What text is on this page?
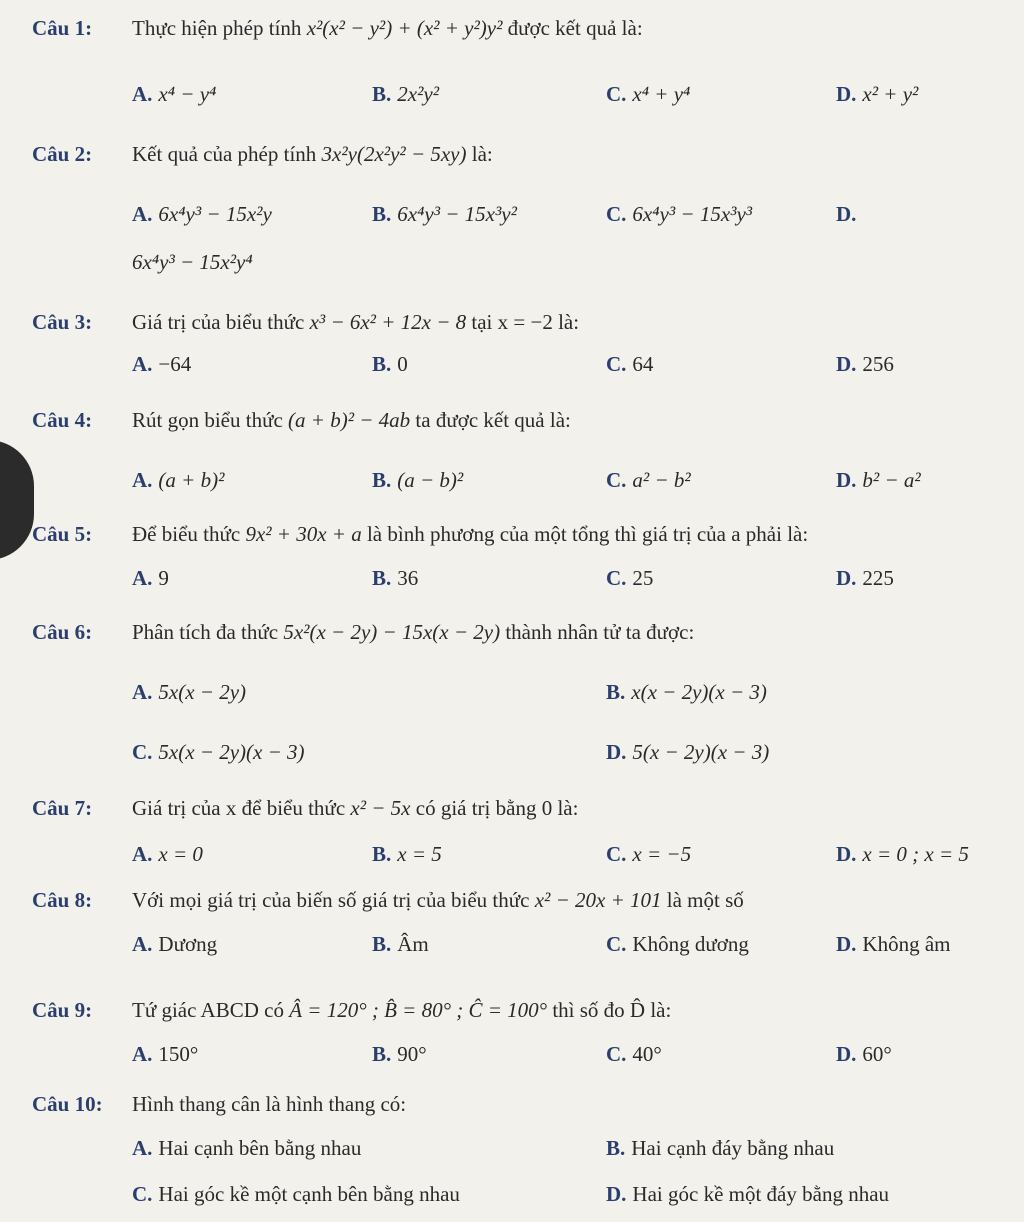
Câu 1:	Thực hiện phép tính x²(x² − y²) + (x² + y²)y² được kết quả là:
A. x⁴ − y⁴	B. 2x²y²	C. x⁴ + y⁴	D. x² + y²
Câu 2:	Kết quả của phép tính 3x²y(2x²y² − 5xy) là:
A. 6x⁴y³ − 15x²y	B. 6x⁴y³ − 15x³y²	C. 6x⁴y³ − 15x³y³	D.
6x⁴y³ − 15x²y⁴
Câu 3:	Giá trị của biểu thức x³ − 6x² + 12x − 8 tại x = −2 là:
A. −64	B. 0	C. 64	D. 256
Câu 4:	Rút gọn biểu thức (a + b)² − 4ab ta được kết quả là:
A. (a + b)²	B. (a − b)²	C. a² − b²	D. b² − a²
Câu 5:	Để biểu thức 9x² + 30x + a là bình phương của một tổng thì giá trị của a phải là:
A. 9	B. 36	C. 25	D. 225
Câu 6:	Phân tích đa thức 5x²(x − 2y) − 15x(x − 2y) thành nhân tử ta được:
A. 5x(x − 2y)	B. x(x − 2y)(x − 3)
C. 5x(x − 2y)(x − 3)	D. 5(x − 2y)(x − 3)
Câu 7:	Giá trị của x để biểu thức x² − 5x có giá trị bằng 0 là:
A. x = 0	B. x = 5	C. x = −5	D. x = 0 ; x = 5
Câu 8:	Với mọi giá trị của biến số giá trị của biểu thức x² − 20x + 101 là một số
A. Dương	B. Âm	C. Không dương	D. Không âm
Câu 9:	Tứ giác ABCD có Â = 120° ; B̂ = 80° ; Ĉ = 100° thì số đo D̂ là:
A. 150°	B. 90°	C. 40°	D. 60°
Câu 10:	Hình thang cân là hình thang có:
A. Hai cạnh bên bằng nhau	B. Hai cạnh đáy bằng nhau
C. Hai góc kề một cạnh bên bằng nhau	D. Hai góc kề một đáy bằng nhau
